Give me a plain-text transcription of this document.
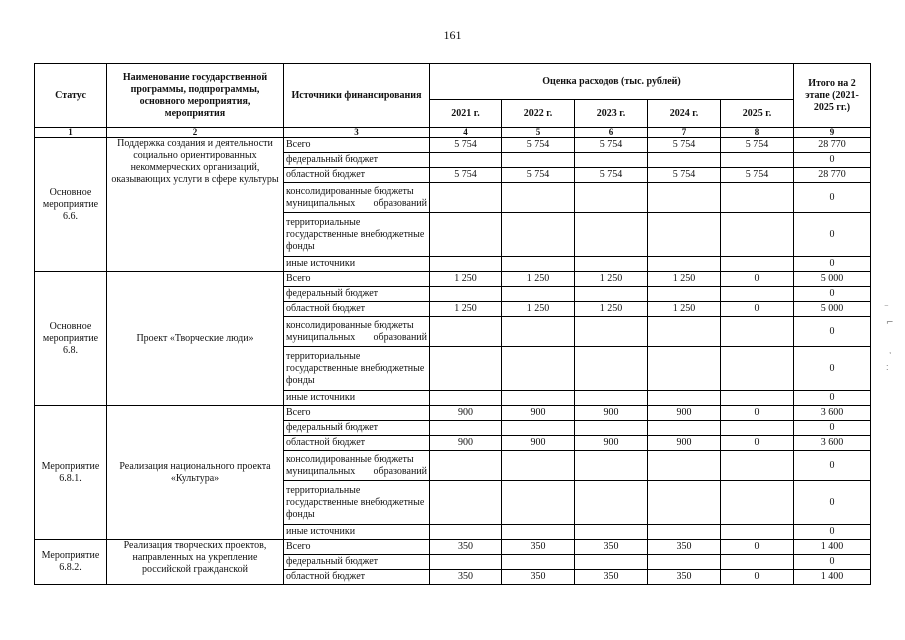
161
Статус	Наименование государственной программы, подпрограммы, основного мероприятия, мероприятия	Источники финансирования	Оценка расходов (тыс. рублей)					Итого на 2 этапе (2021-2025 гг.)
			2021 г.	2022 г.	2023 г.	2024 г.	2025 г.	
1	2	3	4	5	6	7	8	9
Основное мероприятие 6.6.	Поддержка создания и деятельности социально ориентированных некоммерческих организаций, оказывающих услуги в сфере культуры	Всего	5 754	5 754	5 754	5 754	5 754	28 770
		федеральный бюджет						0
		областной бюджет	5 754	5 754	5 754	5 754	5 754	28 770
		консолидированные бюджеты муниципальных образований						0
		территориальные государственные внебюджетные фонды						0
		иные источники						0
Основное мероприятие 6.8.	Проект «Творческие люди»	Всего	1 250	1 250	1 250	1 250	0	5 000
		федеральный бюджет						0
		областной бюджет	1 250	1 250	1 250	1 250	0	5 000
		консолидированные бюджеты муниципальных образований						0
		территориальные государственные внебюджетные фонды						0
		иные источники						0
Мероприятие 6.8.1.	Реализация национального проекта «Культура»	Всего	900	900	900	900	0	3 600
		федеральный бюджет						0
		областной бюджет	900	900	900	900	0	3 600
		консолидированные бюджеты муниципальных образований						0
		территориальные государственные внебюджетные фонды						0
		иные источники						0
Мероприятие 6.8.2.	Реализация творческих проектов, направленных на укрепление российской гражданской	Всего	350	350	350	350	0	1 400
		федеральный бюджет						0
		областной бюджет	350	350	350	350	0	1 400
⁻
⌐
ˑ
˸
